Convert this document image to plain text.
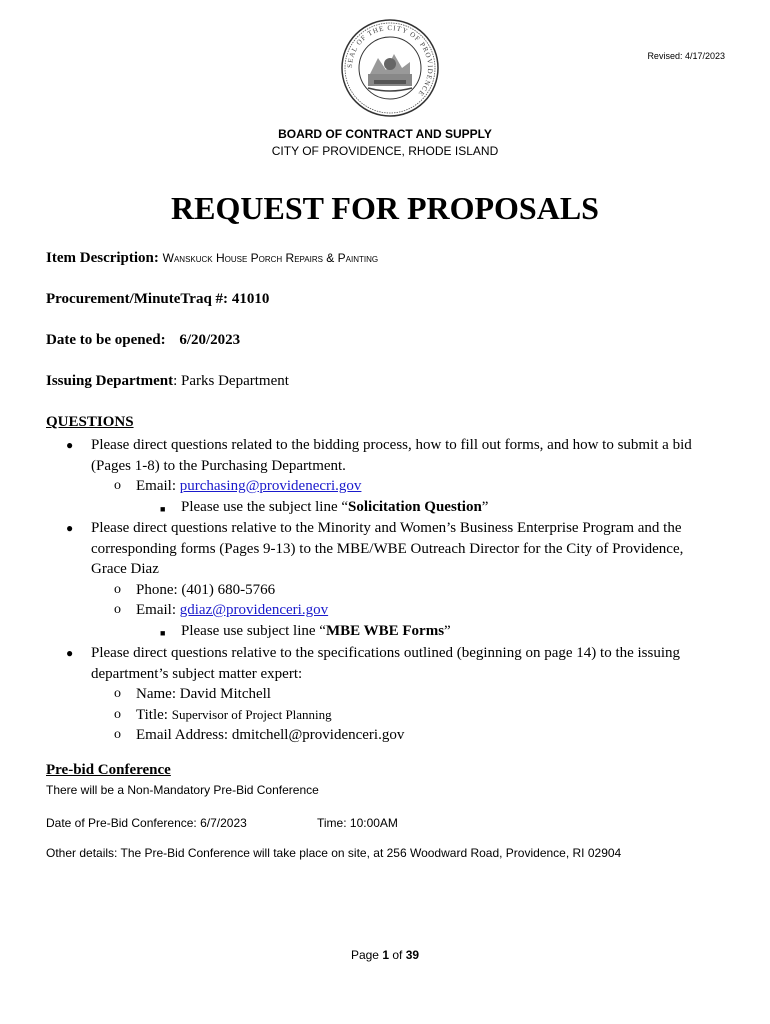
SEAL OF THE CITY OF PROVIDENCE
Revised: 4/17/2023
BOARD OF CONTRACT AND SUPPLY
CITY OF PROVIDENCE, RHODE ISLAND
REQUEST FOR PROPOSALS
Item Description: Wanskuck House Porch Repairs & Painting
Procurement/MinuteTraq #: 41010
Date to be opened: 6/20/2023
Issuing Department: Parks Department
QUESTIONS
● Please direct questions related to the bidding process, how to fill out forms, and how to submit a bid
(Pages 1-8) to the Purchasing Department.
o Email: purchasing@providenecri.gov
■ Please use the subject line “Solicitation Question”
● Please direct questions relative to the Minority and Women’s Business Enterprise Program and the
corresponding forms (Pages 9-13) to the MBE/WBE Outreach Director for the City of Providence,
Grace Diaz
o Phone: (401) 680-5766
o Email: gdiaz@providenceri.gov
■ Please use subject line “MBE WBE Forms”
● Please direct questions relative to the specifications outlined (beginning on page 14) to the issuing
department’s subject matter expert:
o Name: David Mitchell
o Title: Supervisor of Project Planning
o Email Address: dmitchell@providenceri.gov
Pre-bid Conference
There will be a Non-Mandatory Pre-Bid Conference
Date of Pre-Bid Conference: 6/7/2023	Time: 10:00AM
Other details: The Pre-Bid Conference will take place on site, at 256 Woodward Road, Providence, RI 02904
Page 1 of 39
